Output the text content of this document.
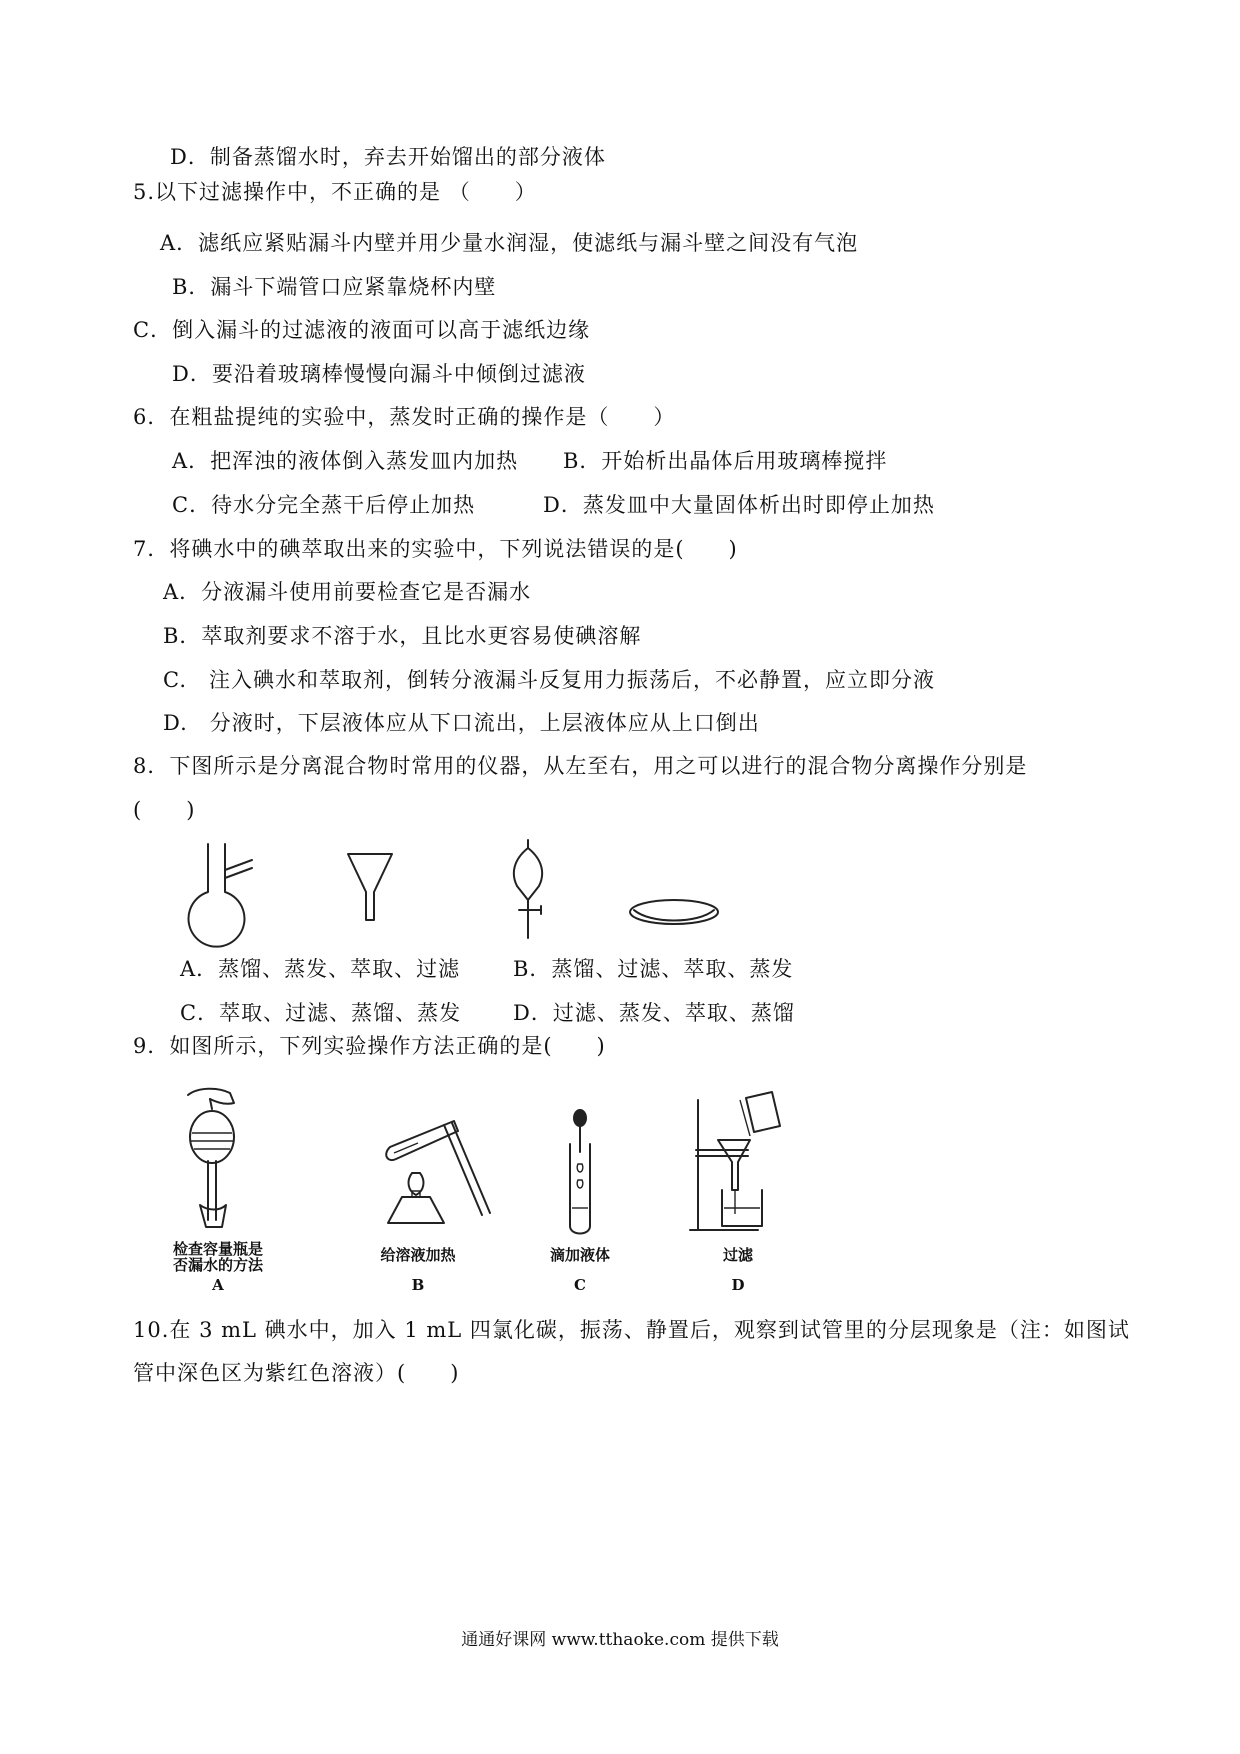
D．制备蒸馏水时，弃去开始馏出的部分液体
5.以下过滤操作中，不正确的是 （　　）
A．滤纸应紧贴漏斗内壁并用少量水润湿，使滤纸与漏斗壁之间没有气泡
B．漏斗下端管口应紧靠烧杯内壁
C．倒入漏斗的过滤液的液面可以高于滤纸边缘
D．要沿着玻璃棒慢慢向漏斗中倾倒过滤液
6．在粗盐提纯的实验中，蒸发时正确的操作是（　　）
A．把浑浊的液体倒入蒸发皿内加热 B．开始析出晶体后用玻璃棒搅拌
C．待水分完全蒸干后停止加热	D．蒸发皿中大量固体析出时即停止加热
7．将碘水中的碘萃取出来的实验中，下列说法错误的是(　　)
A．分液漏斗使用前要检查它是否漏水
B．萃取剂要求不溶于水，且比水更容易使碘溶解
C.　注入碘水和萃取剂，倒转分液漏斗反复用力振荡后，不必静置，应立即分液
D.　分液时，下层液体应从下口流出，上层液体应从上口倒出
8．下图所示是分离混合物时常用的仪器，从左至右，用之可以进行的混合物分离操作分别是
(　　)
A．蒸馏、蒸发、萃取、过滤	B．蒸馏、过滤、萃取、蒸发
C．萃取、过滤、蒸馏、蒸发 D．过滤、蒸发、萃取、蒸馏
9．如图所示，下列实验操作方法正确的是(　　)
检查容量瓶是
否漏水的方法
A
给溶液加热
B
滴加液体
C
过滤
D
10.在 3 mL 碘水中，加入 1 mL 四氯化碳，振荡、静置后，观察到试管里的分层现象是（注：如图试
管中深色区为紫红色溶液）(　　)
通通好课网 www.tthaoke.com 提供下载
